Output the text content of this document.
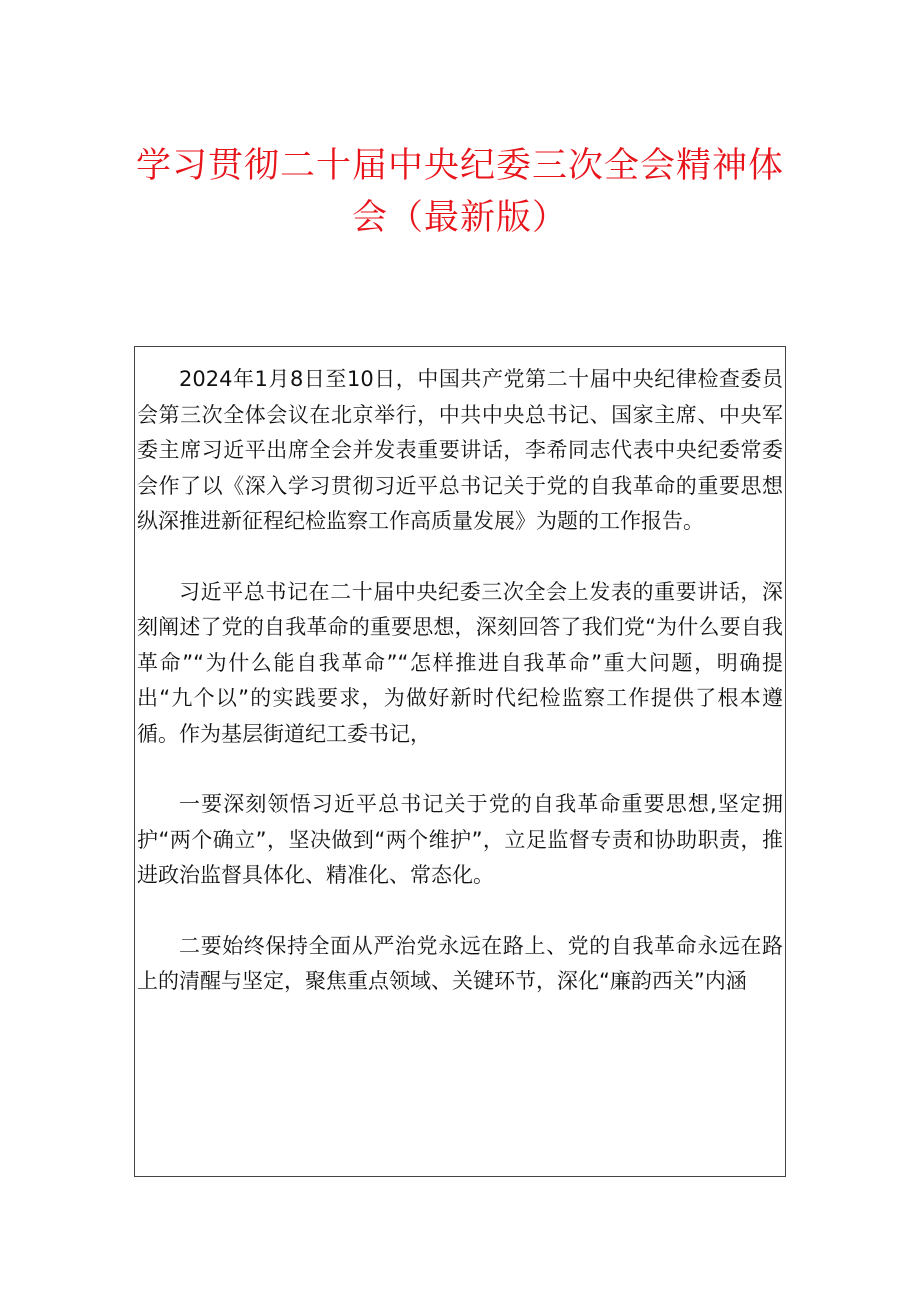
学习贯彻二十届中央纪委三次全会精神体会（最新版）

2024年1月8日至10日，中国共产党第二十届中央纪律检查委员会第三次全体会议在北京举行，中共中央总书记、国家主席、中央军委主席习近平出席全会并发表重要讲话，李希同志代表中央纪委常委会作了以《深入学习贯彻习近平总书记关于党的自我革命的重要思想纵深推进新征程纪检监察工作高质量发展》为题的工作报告。

习近平总书记在二十届中央纪委三次全会上发表的重要讲话，深刻阐述了党的自我革命的重要思想，深刻回答了我们党“为什么要自我革命”“为什么能自我革命”“怎样推进自我革命”重大问题，明确提出“九个以”的实践要求，为做好新时代纪检监察工作提供了根本遵循。作为基层街道纪工委书记，

一要深刻领悟习近平总书记关于党的自我革命重要思想,坚定拥护“两个确立”，坚决做到“两个维护”，立足监督专责和协助职责，推进政治监督具体化、精准化、常态化。

二要始终保持全面从严治党永远在路上、党的自我革命永远在路上的清醒与坚定，聚焦重点领域、关键环节，深化“廉韵西关”内涵
